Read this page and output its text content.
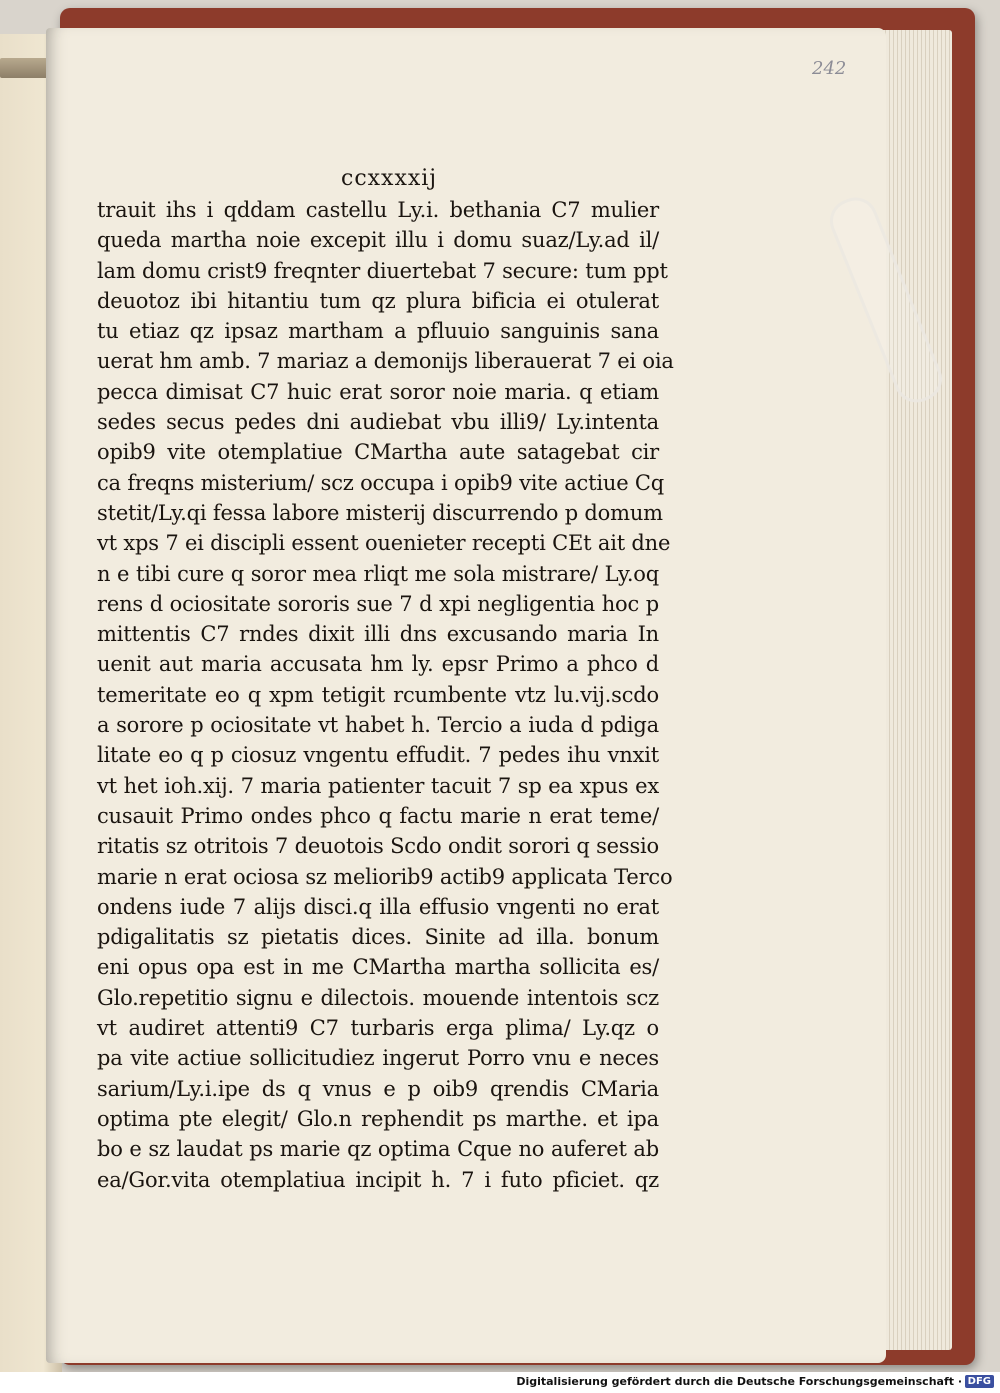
242
ccxxxxij
trauit ihs i qddam castellu Ly.i. bethania C7 mulier
queda martha noie excepit illu i domu suaz/Ly.ad il/
lam domu crist9 freqnter diuertebat 7 secure: tum ppt
deuotoz ibi hitantiu tum qz plura bificia ei otulerat
tu etiaz qz ipsaz martham a pfluuio sanguinis sana
uerat hm amb. 7 mariaz a demonijs liberauerat 7 ei oia
pecca dimisat C7 huic erat soror noie maria. q etiam
sedes secus pedes dni audiebat vbu illi9/ Ly.intenta
opib9 vite otemplatiue CMartha aute satagebat cir
ca freqns misterium/ scz occupa i opib9 vite actiue Cq
stetit/Ly.qi fessa labore misterij discurrendo p domum
vt xps 7 ei discipli essent ouenieter recepti CEt ait dne
n e tibi cure q soror mea rliqt me sola mistrare/ Ly.oq
rens d ociositate sororis sue 7 d xpi negligentia hoc p
mittentis C7 rndes dixit illi dns excusando maria In
uenit aut maria accusata hm ly. epsr Primo a phco d
temeritate eo q xpm tetigit rcumbente vtz lu.vij.scdo
a sorore p ociositate vt habet h. Tercio a iuda d pdiga
litate eo q p ciosuz vngentu effudit. 7 pedes ihu vnxit
vt het ioh.xij. 7 maria patienter tacuit 7 sp ea xpus ex
cusauit Primo ondes phco q factu marie n erat teme/
ritatis sz otritois 7 deuotois Scdo ondit sorori q sessio
marie n erat ociosa sz meliorib9 actib9 applicata Terco
ondens iude 7 alijs disci.q illa effusio vngenti no erat
pdigalitatis sz pietatis dices. Sinite ad illa. bonum
eni opus opa est in me CMartha martha sollicita es/
Glo.repetitio signu e dilectois. mouende intentois scz
vt audiret attenti9 C7 turbaris erga plima/ Ly.qz o
pa vite actiue sollicitudiez ingerut Porro vnu e neces
sarium/Ly.i.ipe ds q vnus e p oib9 qrendis CMaria
optima pte elegit/ Glo.n rephendit ps marthe. et ipa
bo e sz laudat ps marie qz optima Cque no auferet ab
ea/Gor.vita otemplatiua incipit h. 7 i futo pficiet. qz
Digitalisierung gefördert durch die Deutsche Forschungsgemeinschaft · DFG
